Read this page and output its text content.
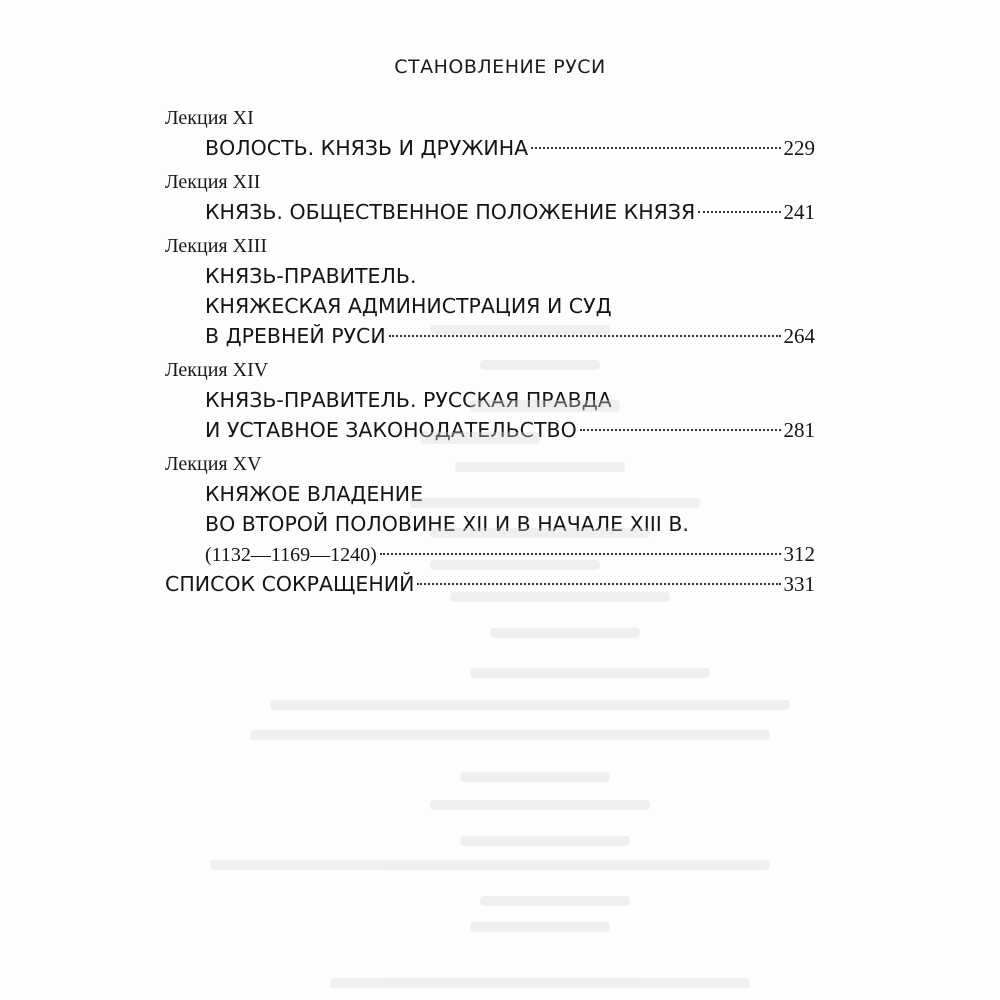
СТАНОВЛЕНИЕ РУСИ
Лекция XI
ВОЛОСТЬ. КНЯЗЬ И ДРУЖИНА	229
Лекция XII
КНЯЗЬ. ОБЩЕСТВЕННОЕ ПОЛОЖЕНИЕ КНЯЗЯ	241
Лекция XIII
КНЯЗЬ-ПРАВИТЕЛЬ.
КНЯЖЕСКАЯ АДМИНИСТРАЦИЯ И СУД
В ДРЕВНЕЙ РУСИ	264
Лекция XIV
КНЯЗЬ-ПРАВИТЕЛЬ. РУССКАЯ ПРАВДА
И УСТАВНОЕ ЗАКОНОДАТЕЛЬСТВО	281
Лекция XV
КНЯЖОЕ ВЛАДЕНИЕ
ВО ВТОРОЙ ПОЛОВИНЕ XII И В НАЧАЛЕ XIII В.
(1132—1169—1240)	312
СПИСОК СОКРАЩЕНИЙ	331
